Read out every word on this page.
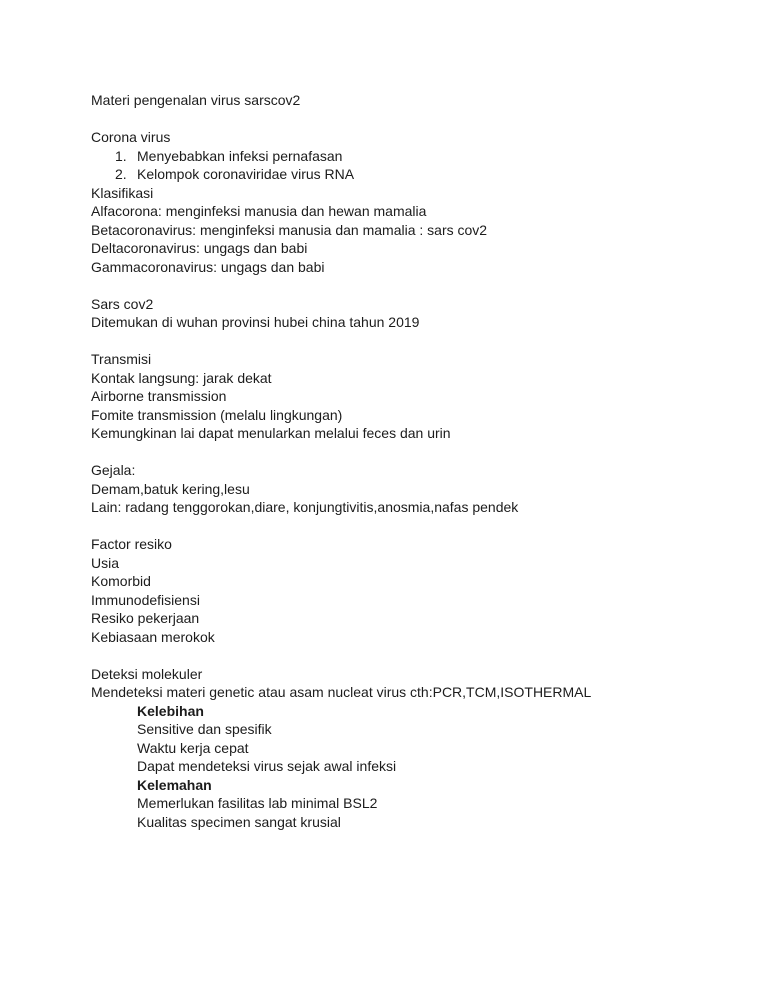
Materi pengenalan virus sarscov2
Corona virus
1. Menyebabkan infeksi pernafasan
2. Kelompok coronaviridae virus RNA
Klasifikasi
Alfacorona: menginfeksi manusia dan hewan mamalia
Betacoronavirus: menginfeksi manusia dan mamalia : sars cov2
Deltacoronavirus: ungags dan babi
Gammacoronavirus: ungags dan babi
Sars cov2
Ditemukan di wuhan provinsi hubei china tahun 2019
Transmisi
Kontak langsung: jarak dekat
Airborne transmission
Fomite transmission (melalu lingkungan)
Kemungkinan lai dapat menularkan melalui feces dan urin
Gejala:
Demam,batuk kering,lesu
Lain: radang tenggorokan,diare, konjungtivitis,anosmia,nafas pendek
Factor resiko
Usia
Komorbid
Immunodefisiensi
Resiko pekerjaan
Kebiasaan merokok
Deteksi molekuler
Mendeteksi materi genetic atau asam nucleat virus cth:PCR,TCM,ISOTHERMAL
Kelebihan
Sensitive dan spesifik
Waktu kerja cepat
Dapat mendeteksi virus sejak awal infeksi
Kelemahan
Memerlukan fasilitas lab minimal BSL2
Kualitas specimen sangat krusial
